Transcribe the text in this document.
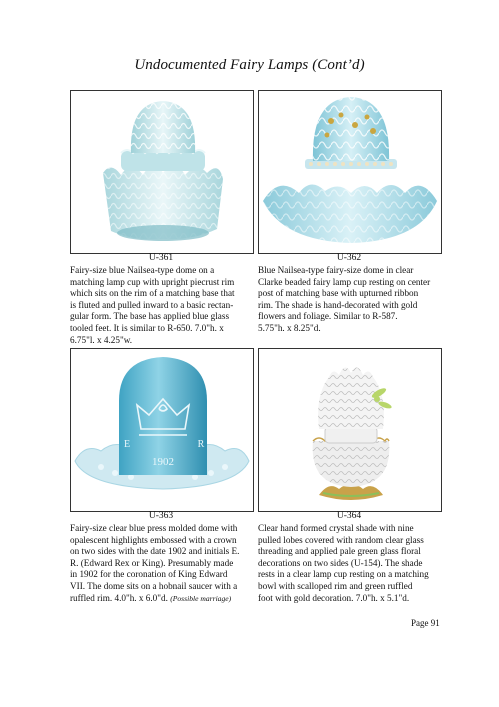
Undocumented Fairy Lamps (Cont’d)
U-361	U-362
Fairy-size blue Nailsea-type dome on a
matching lamp cup with upright piecrust rim
which sits on the rim of a matching base that
is fluted and pulled inward to a basic rectan-
gular form. The base has applied blue glass
tooled feet. It is similar to R-650. 7.0"h. x
6.75"l. x 4.25"w.
Blue Nailsea-type fairy-size dome in clear
Clarke beaded fairy lamp cup resting on center
post of matching base with upturned ribbon
rim. The shade is hand-decorated with gold
flowers and foliage. Similar to R-587.
5.75"h. x 8.25"d.
1902
E	R
U-363	U-364
Fairy-size clear blue press molded dome with
opalescent highlights embossed with a crown
on two sides with the date 1902 and initials E.
R. (Edward Rex or King). Presumably made
in 1902 for the coronation of King Edward
VII. The dome sits on a hobnail saucer with a
ruffled rim. 4.0"h. x 6.0"d. (Possible marriage)
Clear hand formed crystal shade with nine
pulled lobes covered with random clear glass
threading and applied pale green glass floral
decorations on two sides (U-154). The shade
rests in a clear lamp cup resting on a matching
bowl with scalloped rim and green ruffled
foot with gold decoration. 7.0"h. x 5.1"d.
Page 91
